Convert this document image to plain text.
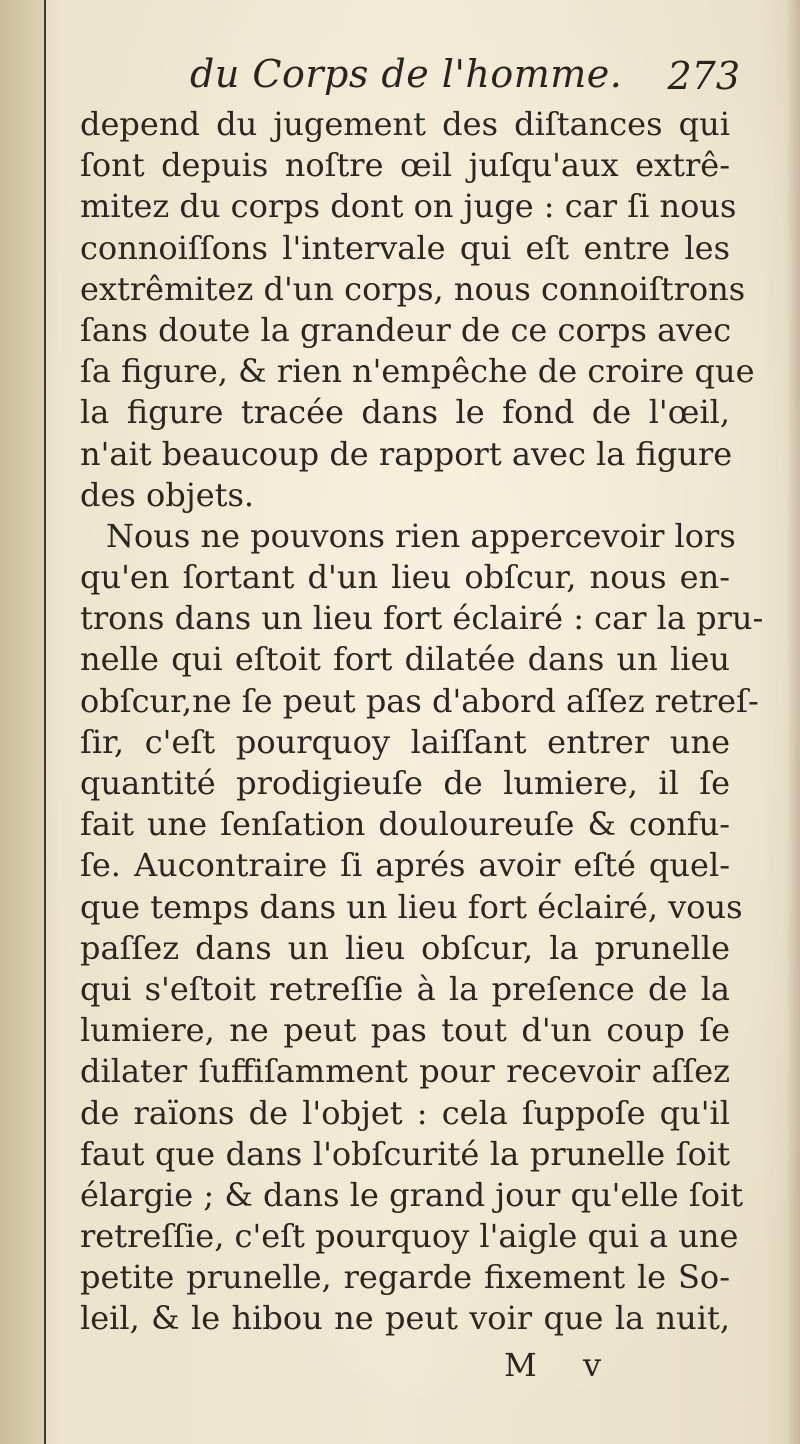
du Corps de l'homme. 273
depend du jugement des diſtances qui
ſont depuis noſtre œil juſqu'aux extrê-
mitez du corps dont on juge : car ſi nous
connoiſſons l'intervale qui eſt entre les
extrêmitez d'un corps, nous connoiſtrons
ſans doute la grandeur de ce corps avec
ſa figure, & rien n'empêche de croire que
la figure tracée dans le fond de l'œil,
n'ait beaucoup de rapport avec la figure
des objets.
Nous ne pouvons rien appercevoir lors
qu'en ſortant d'un lieu obſcur, nous en-
trons dans un lieu fort éclairé : car la pru-
nelle qui eſtoit fort dilatée dans un lieu
obſcur,ne ſe peut pas d'abord aſſez retreſ-
ſir, c'eſt pourquoy laiſſant entrer une
quantité prodigieuſe de lumiere, il ſe
fait une ſenſation douloureuſe & confu-
ſe. Aucontraire ſi aprés avoir eſté quel-
que temps dans un lieu fort éclairé, vous
paſſez dans un lieu obſcur, la prunelle
qui s'eſtoit retreſſie à la preſence de la
lumiere, ne peut pas tout d'un coup ſe
dilater ſuffiſamment pour recevoir aſſez
de raïons de l'objet : cela ſuppoſe qu'il
faut que dans l'obſcurité la prunelle ſoit
élargie ; & dans le grand jour qu'elle ſoit
retreſſie, c'eſt pourquoy l'aigle qui a une
petite prunelle, regarde fixement le So-
leil, & le hibou ne peut voir que la nuit,
M v
